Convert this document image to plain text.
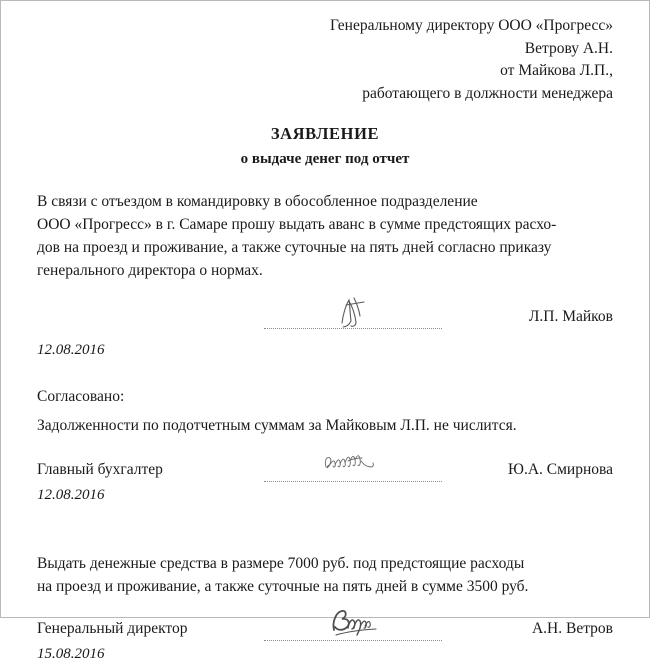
Генеральному директору ООО «Прогресс»
Ветрову А.Н.
от Майкова Л.П.,
работающего в должности менеджера
ЗАЯВЛЕНИЕ
о выдаче денег под отчет
В связи с отъездом в командировку в обособленное подразделение
ООО «Прогресс» в г. Самаре прошу выдать аванс в сумме предстоящих расхо-
дов на проезд и проживание, а также суточные на пять дней согласно приказу
генерального директора о нормах.
Л.П. Майков
12.08.2016
Согласовано:
Задолженности по подотчетным суммам за Майковым Л.П. не числится.
Главный бухгалтер	Ю.А. Смирнова
12.08.2016
Выдать денежные средства в размере 7000 руб. под предстоящие расходы
на проезд и проживание, а также суточные на пять дней в сумме 3500 руб.
Генеральный директор	А.Н. Ветров
15.08.2016
